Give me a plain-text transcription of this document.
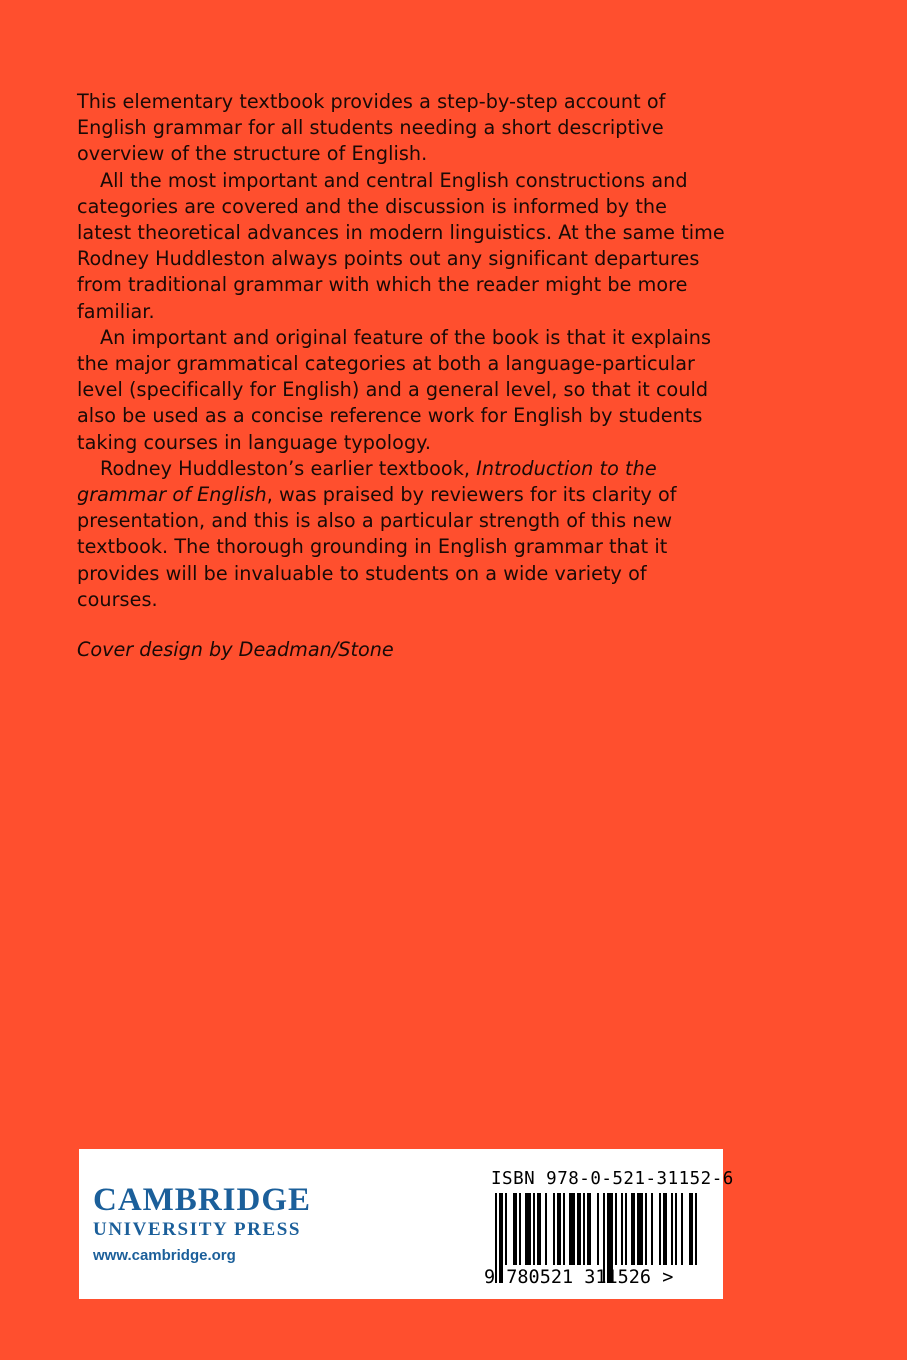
This elementary textbook provides a step-by-step account of English grammar for all students needing a short descriptive overview of the structure of English.

All the most important and central English constructions and categories are covered and the discussion is informed by the latest theoretical advances in modern linguistics. At the same time Rodney Huddleston always points out any significant departures from traditional grammar with which the reader might be more familiar.

An important and original feature of the book is that it explains the major grammatical categories at both a language-particular level (specifically for English) and a general level, so that it could also be used as a concise reference work for English by students taking courses in language typology.

Rodney Huddleston’s earlier textbook, Introduction to the grammar of English, was praised by reviewers for its clarity of presentation, and this is also a particular strength of this new textbook. The thorough grounding in English grammar that it provides will be invaluable to students on a wide variety of courses.

Cover design by Deadman/Stone
CAMBRIDGE
UNIVERSITY PRESS
www.cambridge.org
ISBN 978-0-521-31152-6
9 780521 311526 >
